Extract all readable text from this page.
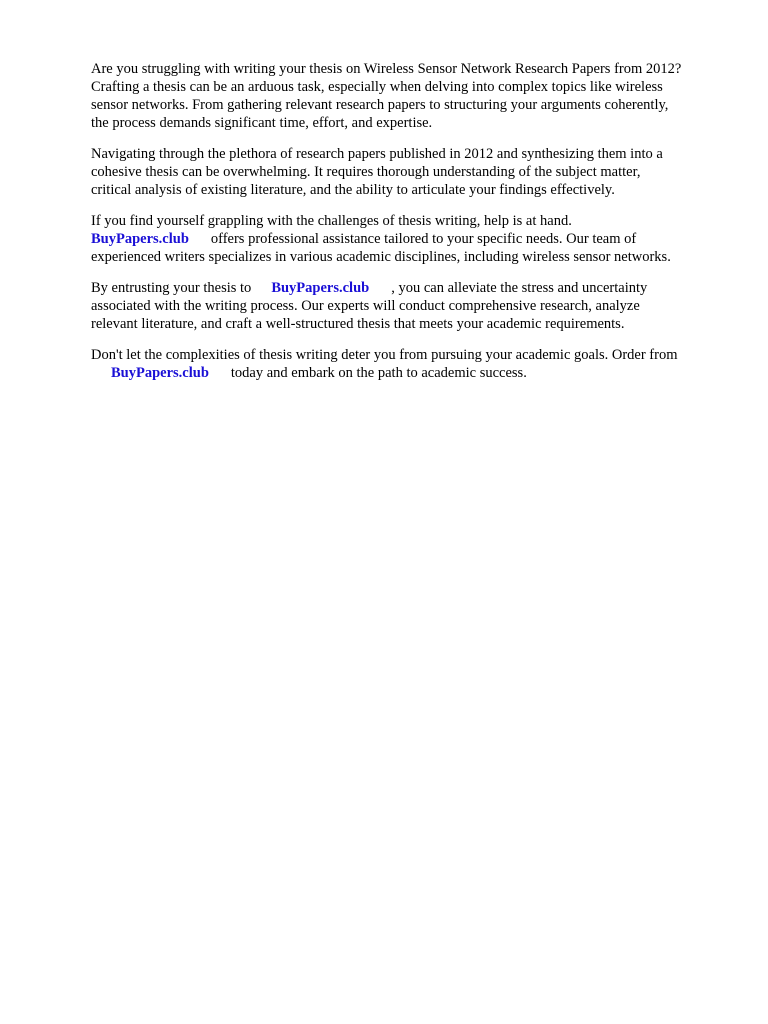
Are you struggling with writing your thesis on Wireless Sensor Network Research Papers from 2012?
Crafting a thesis can be an arduous task, especially when delving into complex topics like wireless
sensor networks. From gathering relevant research papers to structuring your arguments coherently,
the process demands significant time, effort, and expertise.

Navigating through the plethora of research papers published in 2012 and synthesizing them into a
cohesive thesis can be overwhelming. It requires thorough understanding of the subject matter,
critical analysis of existing literature, and the ability to articulate your findings effectively.

If you find yourself grappling with the challenges of thesis writing, help is at hand.
BuyPapers.club offers professional assistance tailored to your specific needs. Our team of
experienced writers specializes in various academic disciplines, including wireless sensor networks.

By entrusting your thesis to BuyPapers.club , you can alleviate the stress and uncertainty
associated with the writing process. Our experts will conduct comprehensive research, analyze
relevant literature, and craft a well-structured thesis that meets your academic requirements.

Don't let the complexities of thesis writing deter you from pursuing your academic goals. Order from
BuyPapers.club today and embark on the path to academic success.
